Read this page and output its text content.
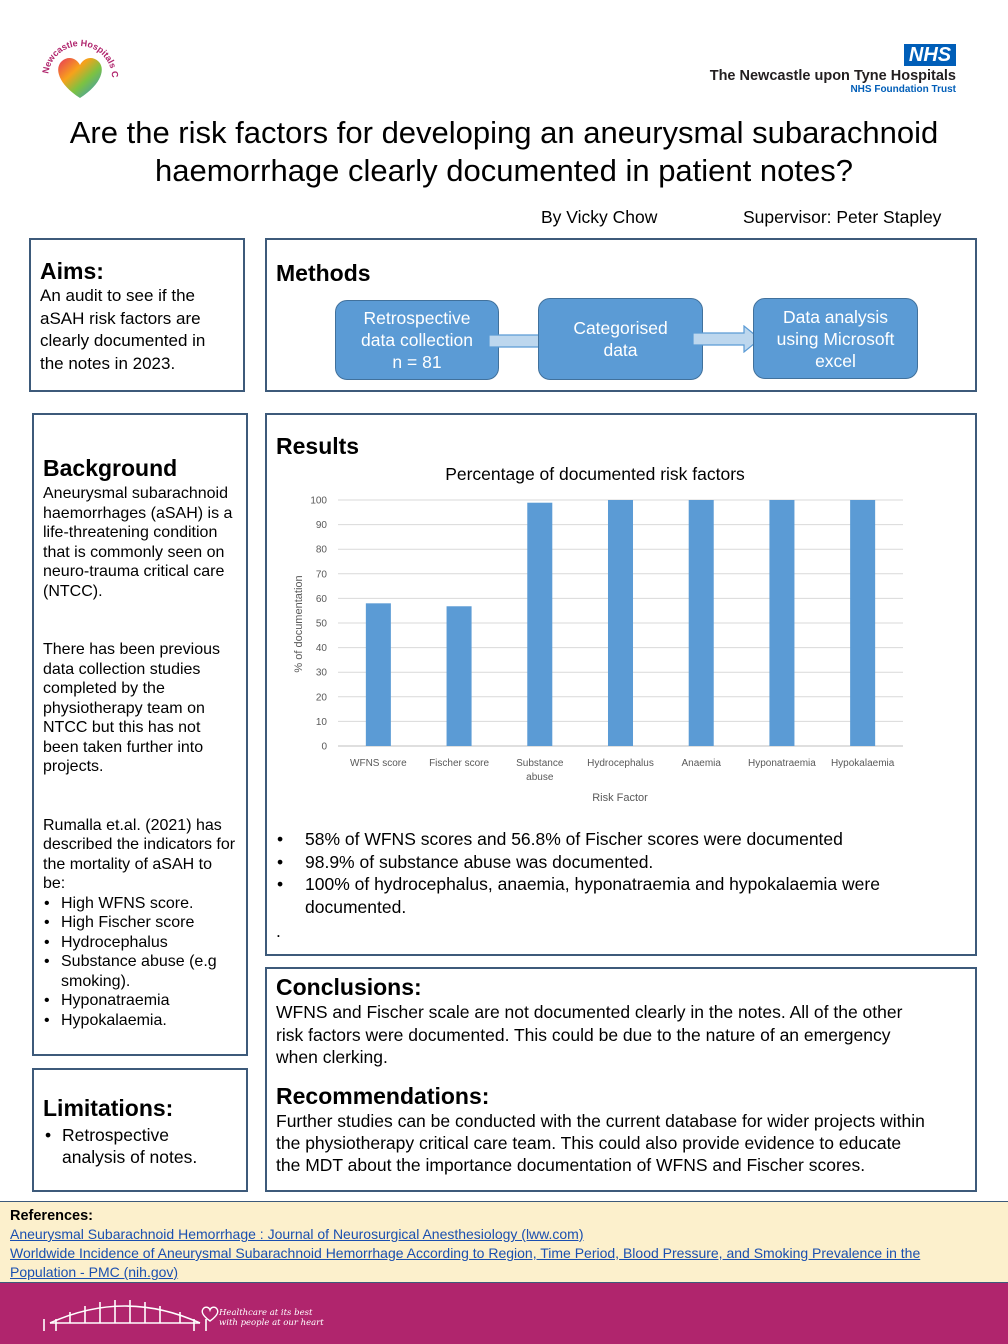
Newcastle Hospitals C
NHS
The Newcastle upon Tyne Hospitals
NHS Foundation Trust
Are the risk factors for developing an aneurysmal subarachnoid
haemorrhage clearly documented in patient notes?
By Vicky Chow	Supervisor: Peter Stapley
Aims:
An audit to see if the
aSAH risk factors are
clearly documented in
the notes in 2023.
Methods
Retrospective
data collection
n = 81
Categorised
data
Data analysis
using Microsoft
excel
Background
Aneurysmal subarachnoid
haemorrhages (aSAH) is a
life-threatening condition
that is commonly seen on
neuro-trauma critical care
(NTCC).
There has been previous
data collection studies
completed by the
physiotherapy team on
NTCC but this has not
been taken further into
projects.
Rumalla et.al. (2021) has
described the indicators for
the mortality of aSAH to
be:
• High WFNS score.
• High Fischer score
• Hydrocephalus
• Substance abuse (e.g
smoking).
• Hyponatraemia
• Hypokalaemia.
Limitations:
• Retrospective
analysis of notes.
Results
Percentage of documented risk factors
0
10
20
30
40
50
60
70
80
90
100
WFNS score Fischer score	Substance
abuse
Hydrocephalus	Anaemia	Hyponatraemia Hypokalaemia
% of documentation
Risk Factor
• 58% of WFNS scores and 56.8% of Fischer scores were documented
• 98.9% of substance abuse was documented.
• 100% of hydrocephalus, anaemia, hyponatraemia and hypokalaemia were
documented.
.
Conclusions:
WFNS and Fischer scale are not documented clearly in the notes. All of the other
risk factors were documented. This could be due to the nature of an emergency
when clerking.
Recommendations:
Further studies can be conducted with the current database for wider projects within
the physiotherapy critical care team. This could also provide evidence to educate
the MDT about the importance documentation of WFNS and Fischer scores.
References:
Aneurysmal Subarachnoid Hemorrhage : Journal of Neurosurgical Anesthesiology (lww.com)
Worldwide Incidence of Aneurysmal Subarachnoid Hemorrhage According to Region, Time Period, Blood Pressure, and Smoking Prevalence in the
Population - PMC (nih.gov)
Healthcare at its best
with people at our heart
